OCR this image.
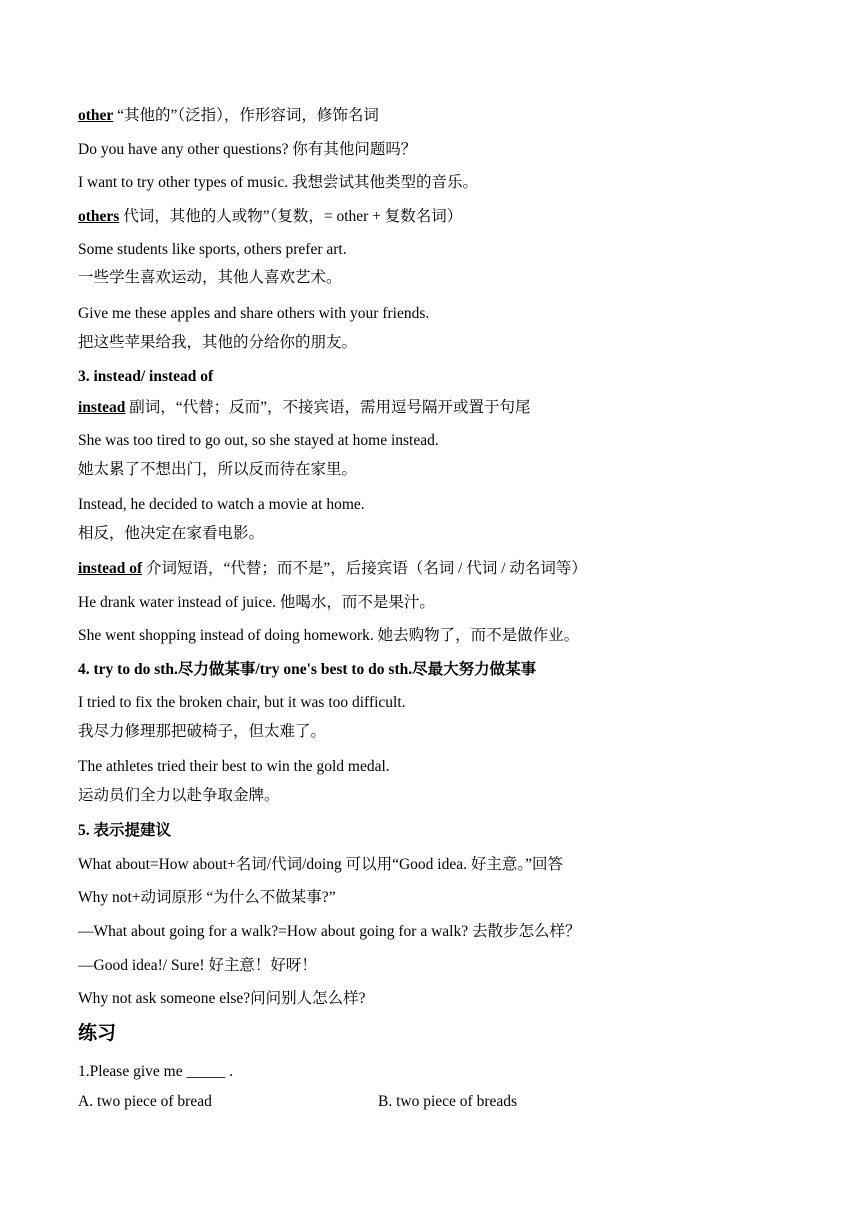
other “其他的”（泛指），作形容词，修饰名词
Do you have any other questions? 你有其他问题吗？
I want to try other types of music. 我想尝试其他类型的音乐。
others 代词，其他的人或物”（复数，= other + 复数名词）
Some students like sports, others prefer art.
一些学生喜欢运动，其他人喜欢艺术。
Give me these apples and share others with your friends.
把这些苹果给我，其他的分给你的朋友。
3. instead/ instead of
instead 副词，“代替；反而”，不接宾语，需用逗号隔开或置于句尾
She was too tired to go out, so she stayed at home instead.
她太累了不想出门，所以反而待在家里。
Instead, he decided to watch a movie at home.
相反，他决定在家看电影。
instead of 介词短语，“代替；而不是”，后接宾语（名词 / 代词 / 动名词等）
He drank water instead of juice. 他喝水，而不是果汁。
She went shopping instead of doing homework. 她去购物了，而不是做作业。
4. try to do sth.尽力做某事/try one's best to do sth.尽最大努力做某事
I tried to fix the broken chair, but it was too difficult.
我尽力修理那把破椅子，但太难了。
The athletes tried their best to win the gold medal.
运动员们全力以赴争取金牌。
5. 表示提建议
What about=How about+名词/代词/doing 可以用“Good idea. 好主意。”回答
Why not+动词原形 “为什么不做某事?”
—What about going for a walk?=How about going for a walk? 去散步怎么样？
—Good idea!/ Sure! 好主意！好呀！
Why not ask someone else?问问别人怎么样?
练习
1.Please give me _____ .
A. two piece of bread	B. two piece of breads
